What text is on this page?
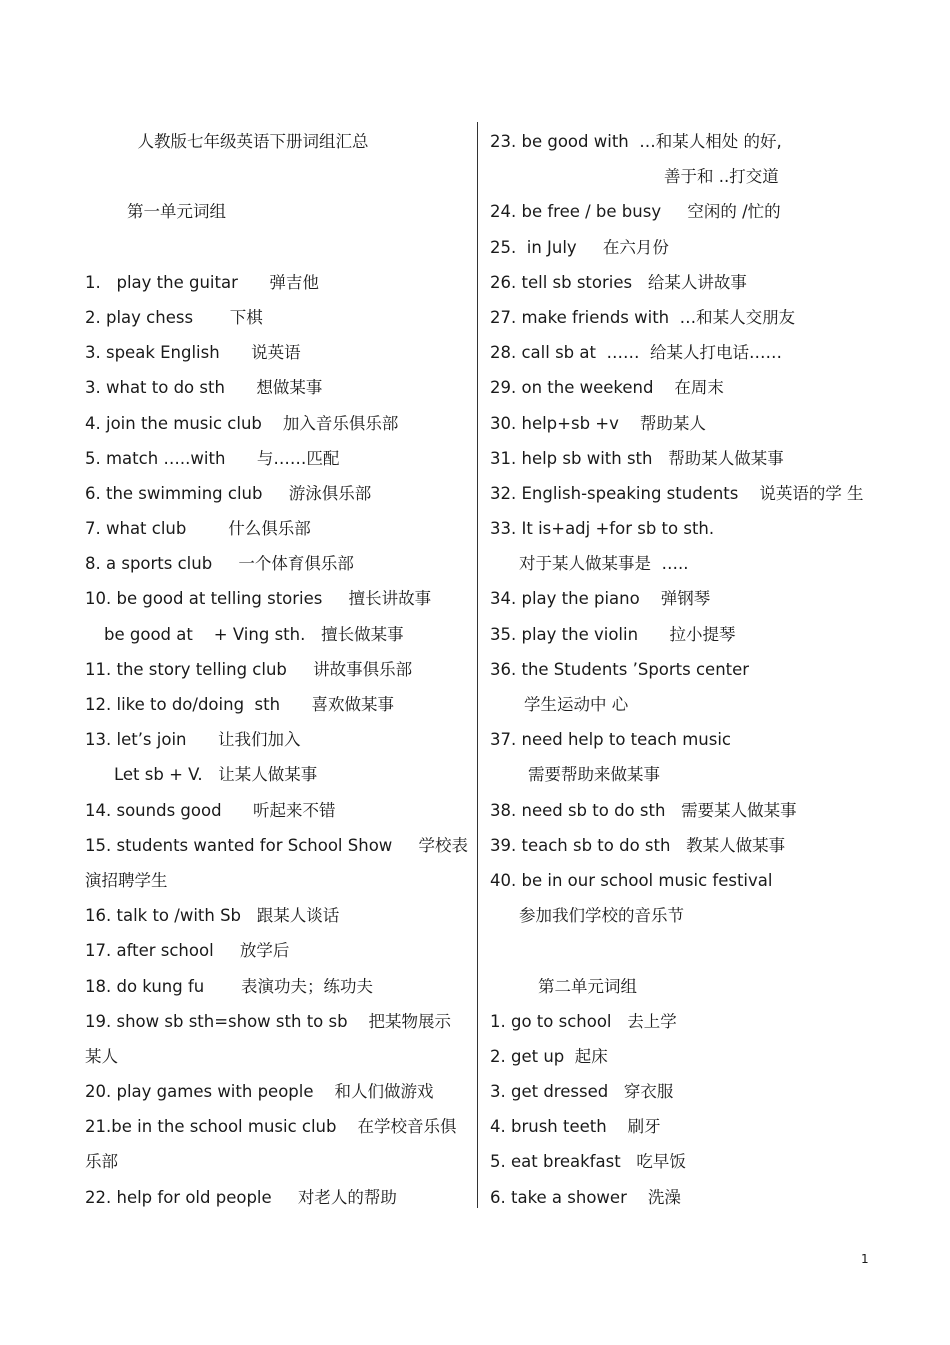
人教版七年级英语下册词组汇总
第一单元词组
1.   play the guitar      弹吉他
2. play chess       下棋
3. speak English      说英语
3. what to do sth      想做某事
4. join the music club    加入音乐俱乐部
5. match …..with      与……匹配
6. the swimming club     游泳俱乐部
7. what club        什么俱乐部
8. a sports club     一个体育俱乐部
10. be good at telling stories     擅长讲故事
be good at    + Ving sth.   擅长做某事
11. the story telling club     讲故事俱乐部
12. like to do/doing  sth      喜欢做某事
13. let’s join      让我们加入
Let sb + V.   让某人做某事
14. sounds good      听起来不错
15. students wanted for School Show     学校表
演招聘学生
16. talk to /with Sb   跟某人谈话
17. after school     放学后
18. do kung fu       表演功夫；练功夫
19. show sb sth=show sth to sb    把某物展示
某人
20. play games with people    和人们做游戏
21.be in the school music club    在学校音乐俱
乐部
22. help for old people     对老人的帮助
23. be good with  …和某人相处 的好,
善于和 ..打交道
24. be free / be busy     空闲的 /忙的
25.  in July     在六月份
26. tell sb stories   给某人讲故事
27. make friends with  …和某人交朋友
28. call sb at  ……  给某人打电话……
29. on the weekend    在周末
30. help+sb +v    帮助某人
31. help sb with sth   帮助某人做某事
32. English-speaking students    说英语的学 生
33. It is+adj +for sb to sth.
对于某人做某事是  …..
34. play the piano    弹钢琴
35. play the violin      拉小提琴
36. the Students ’Sports center
学生运动中 心
37. need help to teach music
需要帮助来做某事
38. need sb to do sth   需要某人做某事
39. teach sb to do sth   教某人做某事
40. be in our school music festival
参加我们学校的音乐节
第二单元词组
1. go to school   去上学
2. get up  起床
3. get dressed   穿衣服
4. brush teeth    刷牙
5. eat breakfast   吃早饭
6. take a shower    洗澡
1
